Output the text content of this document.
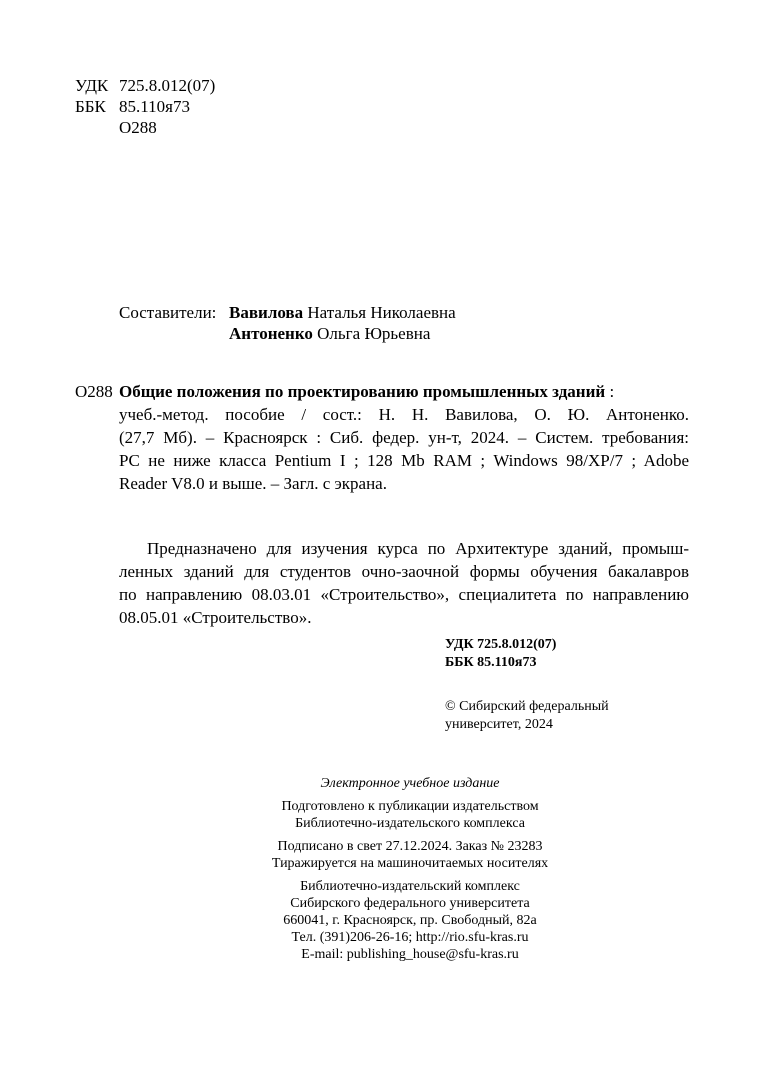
УДК 725.8.012(07)
ББК 85.110я73
О288
Составители: Вавилова Наталья Николаевна
Антоненко Ольга Юрьевна
О288 Общие положения по проектированию промышленных зданий :
учеб.-метод. пособие / сост.: Н. Н. Вавилова, О. Ю. Антоненко.
(27,7 Мб). – Красноярск : Сиб. федер. ун-т, 2024. – Систем. требования:
PC не ниже класса Pentium I ; 128 Mb RAM ; Windows 98/XP/7 ; Adobe
Reader V8.0 и выше. – Загл. с экрана.
Предназначено для изучения курса по Архитектуре зданий, промыш-
ленных зданий для студентов очно-заочной формы обучения бакалавров
по направлению 08.03.01 «Строительство», специалитета по направлению
08.05.01 «Строительство».
УДК 725.8.012(07)
ББК 85.110я73
© Сибирский федеральный
университет, 2024
Электронное учебное издание
Подготовлено к публикации издательством
Библиотечно-издательского комплекса
Подписано в свет 27.12.2024. Заказ № 23283
Тиражируется на машиночитаемых носителях
Библиотечно-издательский комплекс
Сибирского федерального университета
660041, г. Красноярск, пр. Свободный, 82а
Тел. (391)206-26-16; http://rio.sfu-kras.ru
E-mail: publishing_house@sfu-kras.ru
